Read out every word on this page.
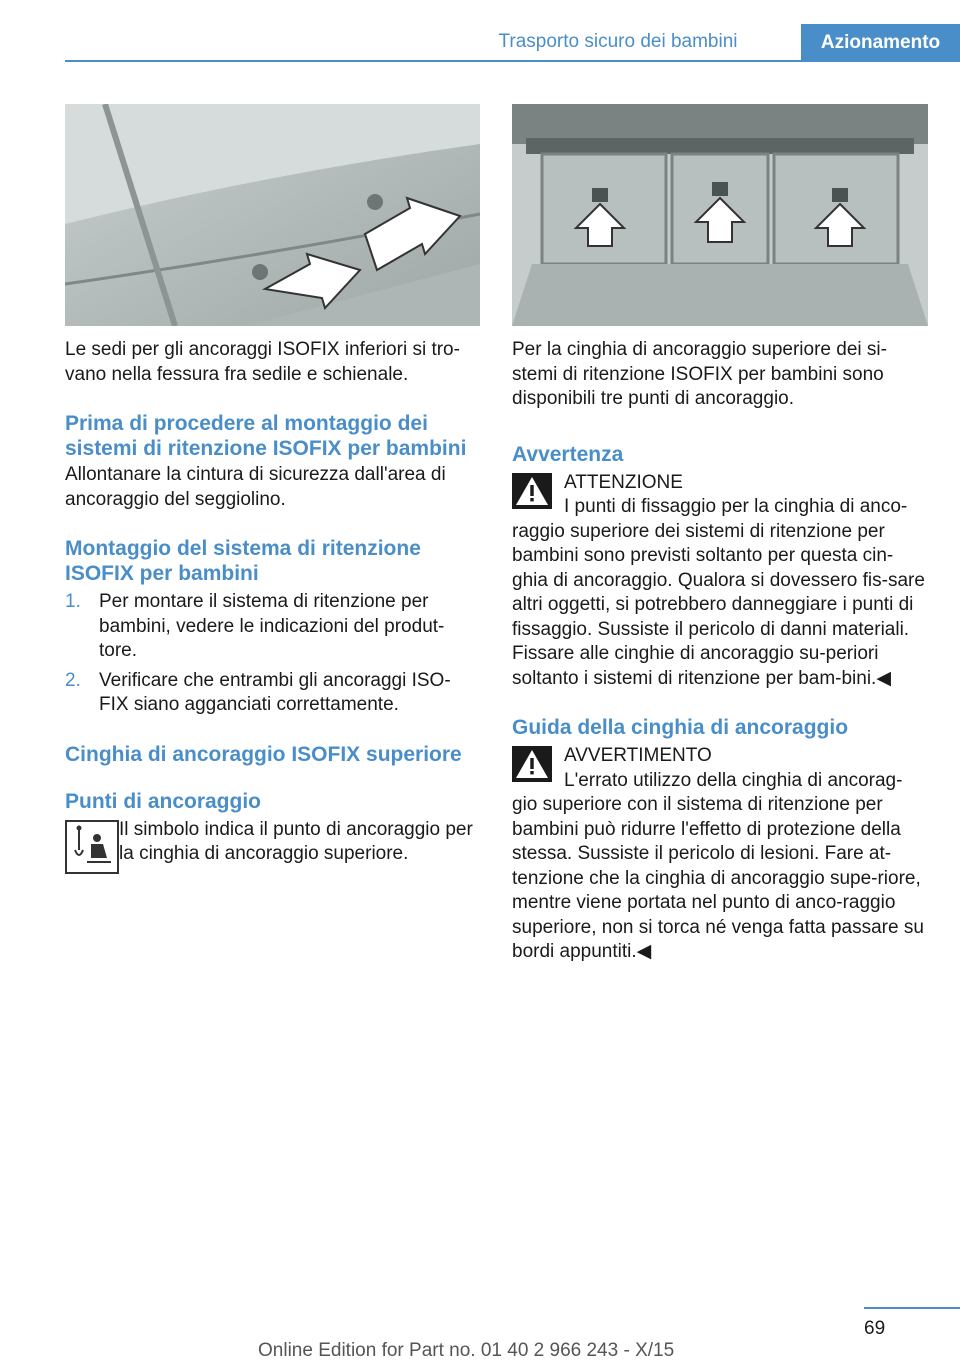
Trasporto sicuro dei bambini	Azionamento

Le sedi per gli ancoraggi ISOFIX inferiori si tro‐vano nella fessura fra sedile e schienale.

Prima di procedere al montaggio dei sistemi di ritenzione ISOFIX per bambini

Allontanare la cintura di sicurezza dall'area di ancoraggio del seggiolino.

Montaggio del sistema di ritenzione ISOFIX per bambini
1. Per montare il sistema di ritenzione per bambini, vedere le indicazioni del produt‐tore.
2. Verificare che entrambi gli ancoraggi ISO‐FIX siano agganciati correttamente.
Cinghia di ancoraggio ISOFIX superiore
Punti di ancoraggio

Il simbolo indica il punto di ancoraggio per la cinghia di ancoraggio superiore.

Per la cinghia di ancoraggio superiore dei si‐stemi di ritenzione ISOFIX per bambini sono disponibili tre punti di ancoraggio.

Avvertenza
ATTENZIONE
I punti di fissaggio per la cinghia di anco‐
raggio superiore dei sistemi di ritenzione per bambini sono previsti soltanto per questa cin‐ghia di ancoraggio. Qualora si dovessero fis‐sare altri oggetti, si potrebbero danneggiare i punti di fissaggio. Sussiste il pericolo di danni materiali. Fissare alle cinghie di ancoraggio su‐periori soltanto i sistemi di ritenzione per bam‐bini.◀
Guida della cinghia di ancoraggio
AVVERTIMENTO
L'errato utilizzo della cinghia di ancorag‐
gio superiore con il sistema di ritenzione per bambini può ridurre l'effetto di protezione della stessa. Sussiste il pericolo di lesioni. Fare at‐tenzione che la cinghia di ancoraggio supe‐riore, mentre viene portata nel punto di anco‐raggio superiore, non si torca né venga fatta passare su bordi appuntiti.◀
69
Online Edition for Part no. 01 40 2 966 243 - X/15
